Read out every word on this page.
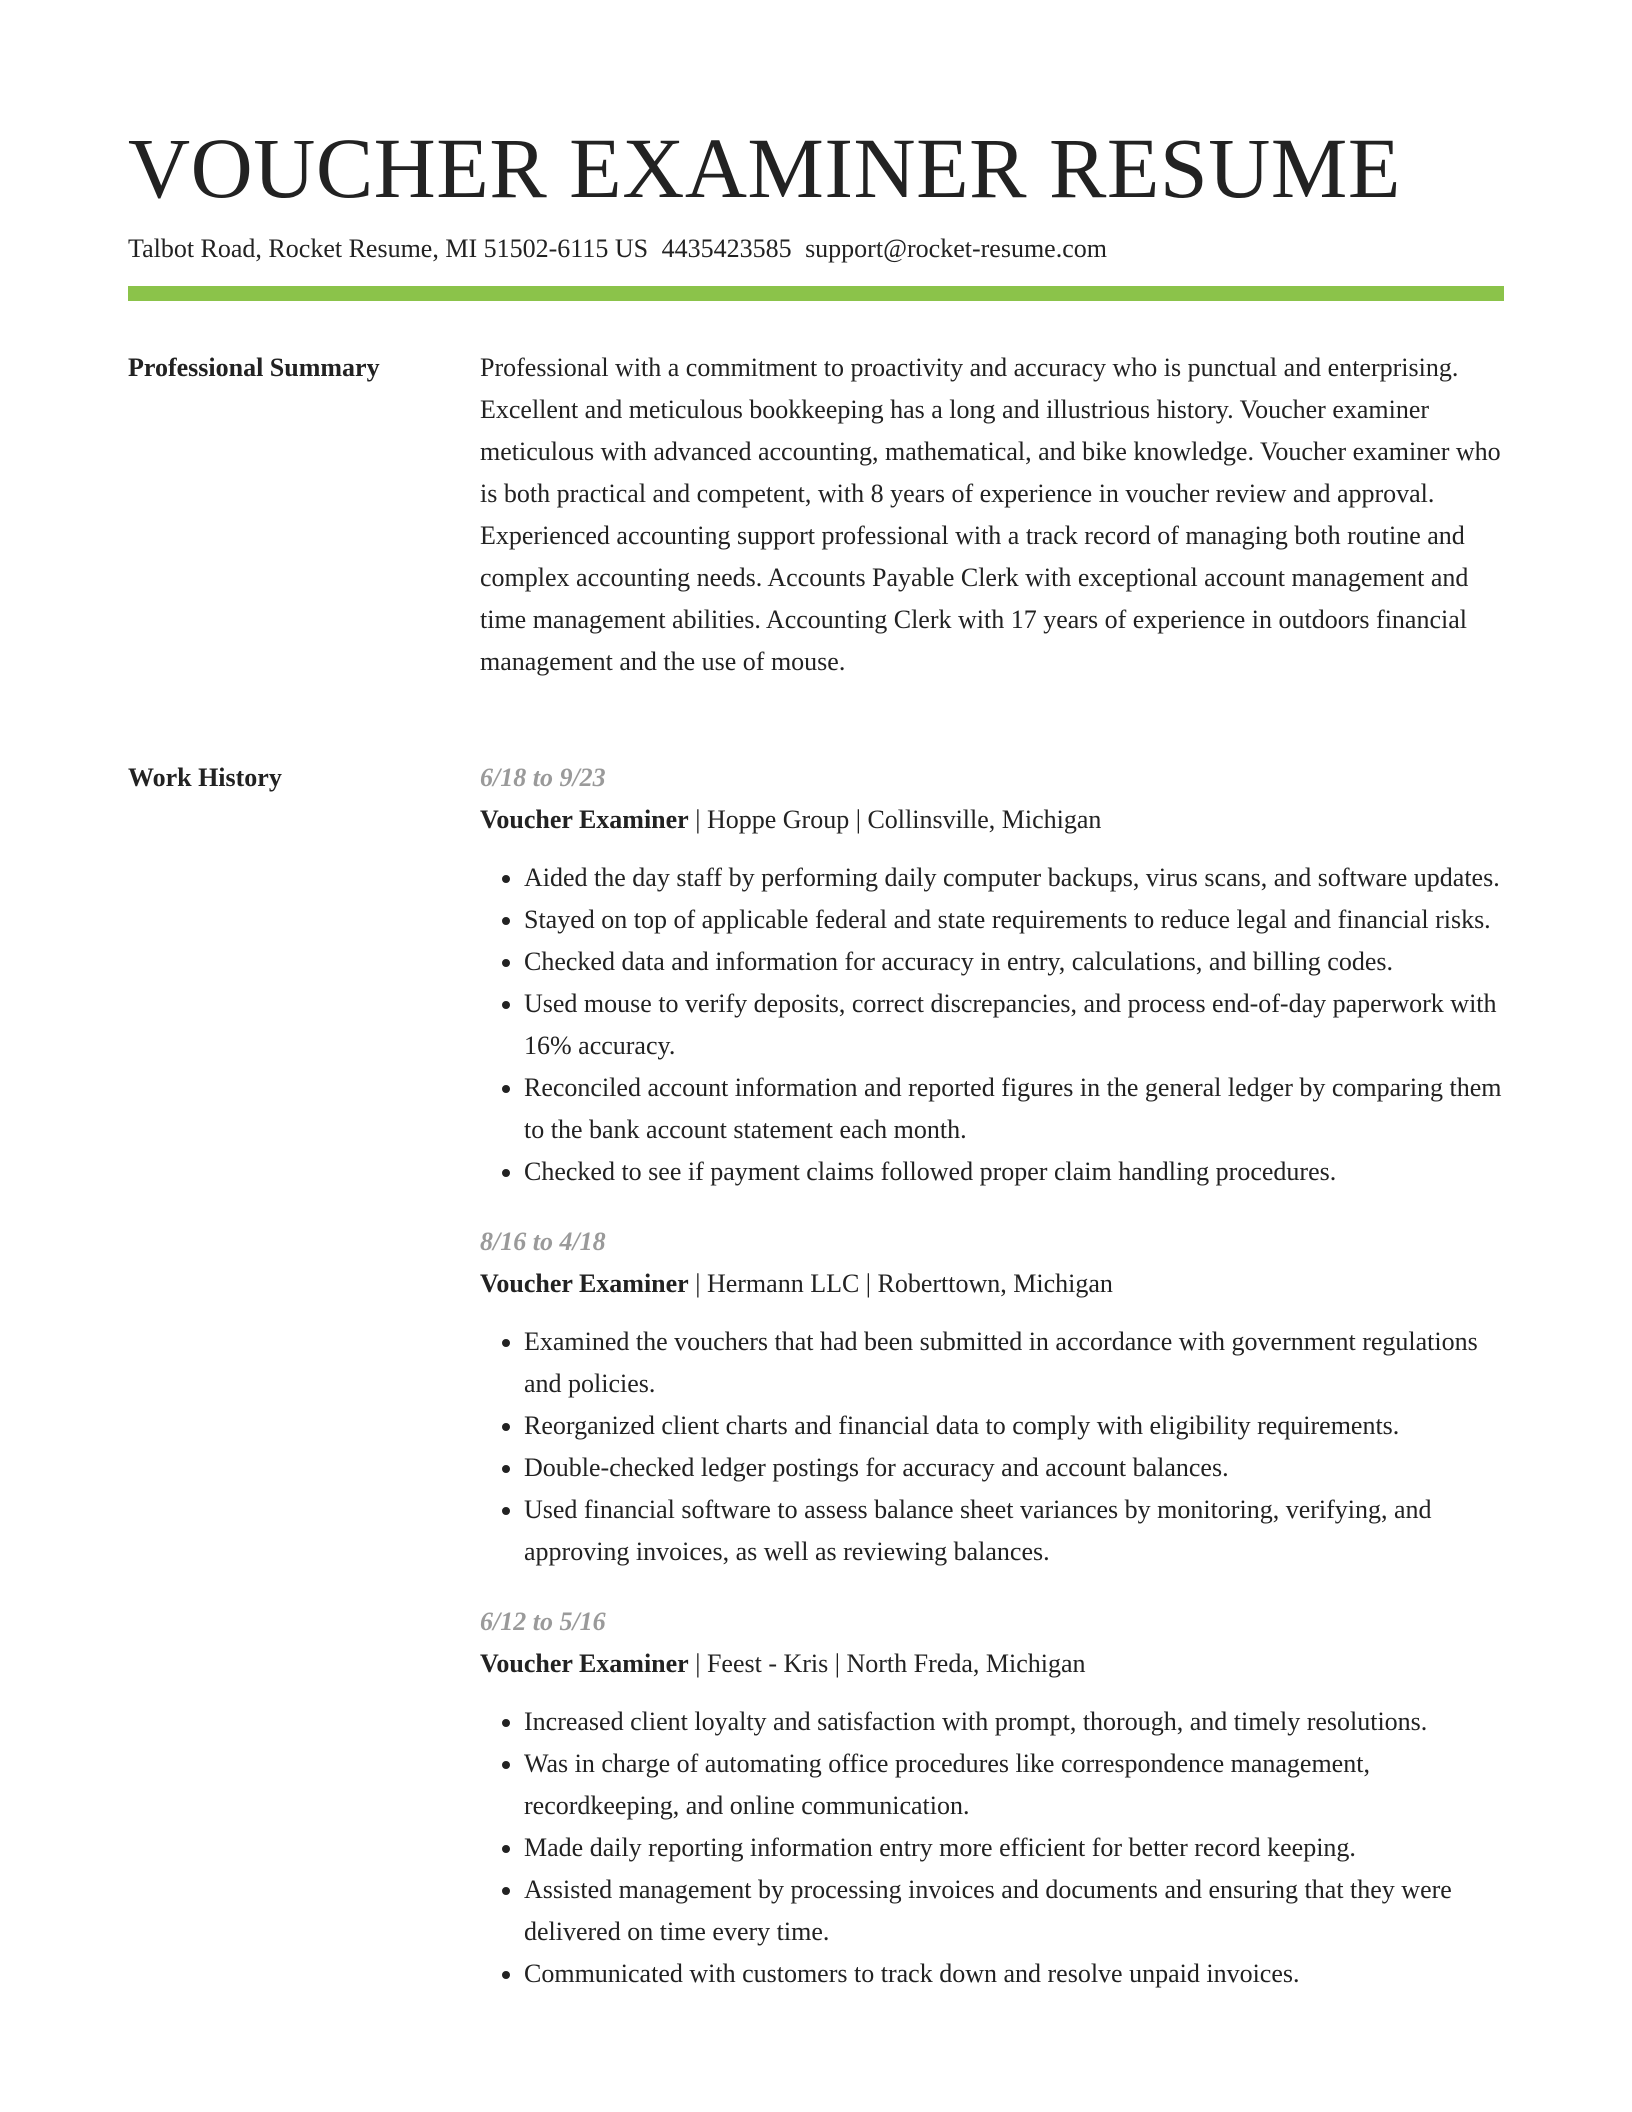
VOUCHER EXAMINER RESUME
Talbot Road, Rocket Resume, MI 51502-6115 US 4435423585 support@rocket-resume.com
Professional Summary	Professional with a commitment to proactivity and accuracy who is punctual and enterprising. Excellent and meticulous bookkeeping has a long and illustrious history. Voucher examiner meticulous with advanced accounting, mathematical, and bike knowledge. Voucher examiner who is both practical and competent, with 8 years of experience in voucher review and approval. Experienced accounting support professional with a track record of managing both routine and complex accounting needs. Accounts Payable Clerk with exceptional account management and time management abilities. Accounting Clerk with 17 years of experience in outdoors financial management and the use of mouse.

Work History	6/18 to 9/23
Voucher Examiner | Hoppe Group | Collinsville, Michigan
• Aided the day staff by performing daily computer backups, virus scans, and software updates.
• Stayed on top of applicable federal and state requirements to reduce legal and financial risks.
• Checked data and information for accuracy in entry, calculations, and billing codes.
• Used mouse to verify deposits, correct discrepancies, and process end-of-day paperwork with 16% accuracy.
• Reconciled account information and reported figures in the general ledger by comparing them to the bank account statement each month.
• Checked to see if payment claims followed proper claim handling procedures.
8/16 to 4/18
Voucher Examiner | Hermann LLC | Roberttown, Michigan
• Examined the vouchers that had been submitted in accordance with government regulations and policies.
• Reorganized client charts and financial data to comply with eligibility requirements.
• Double-checked ledger postings for accuracy and account balances.
• Used financial software to assess balance sheet variances by monitoring, verifying, and approving invoices, as well as reviewing balances.
6/12 to 5/16
Voucher Examiner | Feest - Kris | North Freda, Michigan
• Increased client loyalty and satisfaction with prompt, thorough, and timely resolutions.
• Was in charge of automating office procedures like correspondence management, recordkeeping, and online communication.
• Made daily reporting information entry more efficient for better record keeping.
• Assisted management by processing invoices and documents and ensuring that they were delivered on time every time.
• Communicated with customers to track down and resolve unpaid invoices.
